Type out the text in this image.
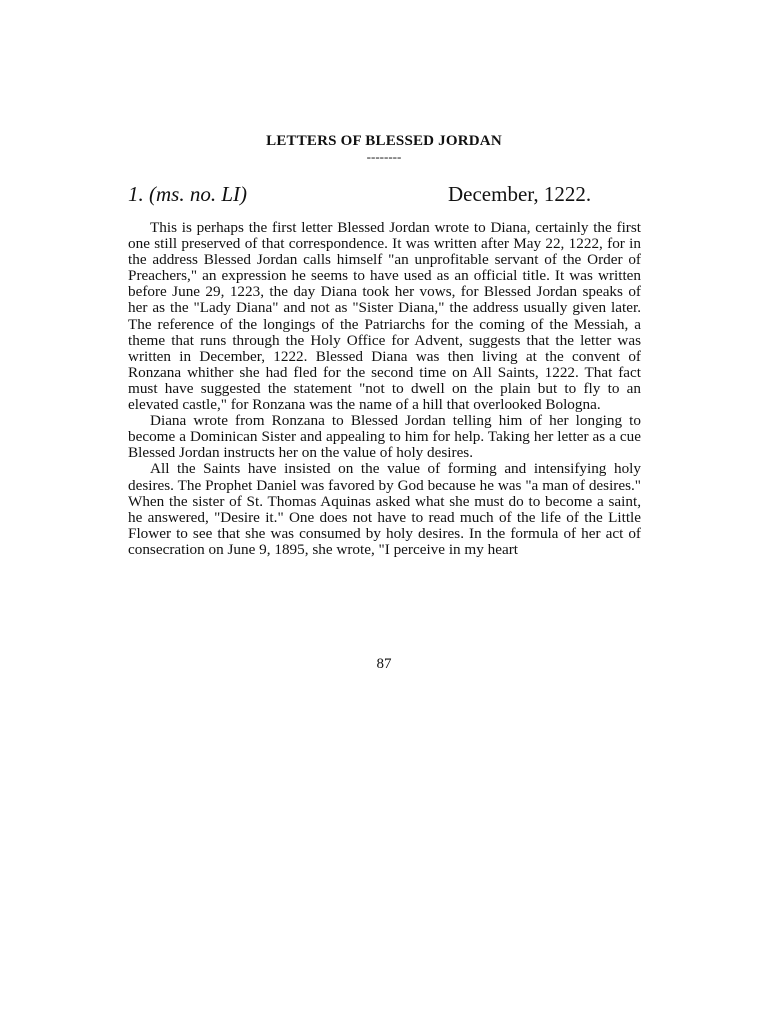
LETTERS OF BLESSED JORDAN
--------
1. (ms. no. LI)	December, 1222.

This is perhaps the first letter Blessed Jordan wrote to Diana, certainly the first one still preserved of that correspondence. It was written after May 22, 1222, for in the address Blessed Jordan calls himself "an unprofitable servant of the Order of Preachers," an expression he seems to have used as an official title. It was written before June 29, 1223, the day Diana took her vows, for Blessed Jordan speaks of her as the "Lady Diana" and not as "Sister Diana," the address usually given later. The reference of the longings of the Patriarchs for the coming of the Messiah, a theme that runs through the Holy Office for Advent, suggests that the letter was written in December, 1222. Blessed Diana was then living at the convent of Ronzana whither she had fled for the second time on All Saints, 1222. That fact must have suggested the statement "not to dwell on the plain but to fly to an elevated castle," for Ronzana was the name of a hill that overlooked Bologna.

Diana wrote from Ronzana to Blessed Jordan telling him of her longing to become a Dominican Sister and appealing to him for help. Taking her letter as a cue Blessed Jordan instructs her on the value of holy desires.

All the Saints have insisted on the value of forming and intensifying holy desires. The Prophet Daniel was favored by God because he was "a man of desires." When the sister of St. Thomas Aquinas asked what she must do to become a saint, he answered, "Desire it." One does not have to read much of the life of the Little Flower to see that she was consumed by holy desires. In the formula of her act of consecration on June 9, 1895, she wrote, "I perceive in my heart

87
